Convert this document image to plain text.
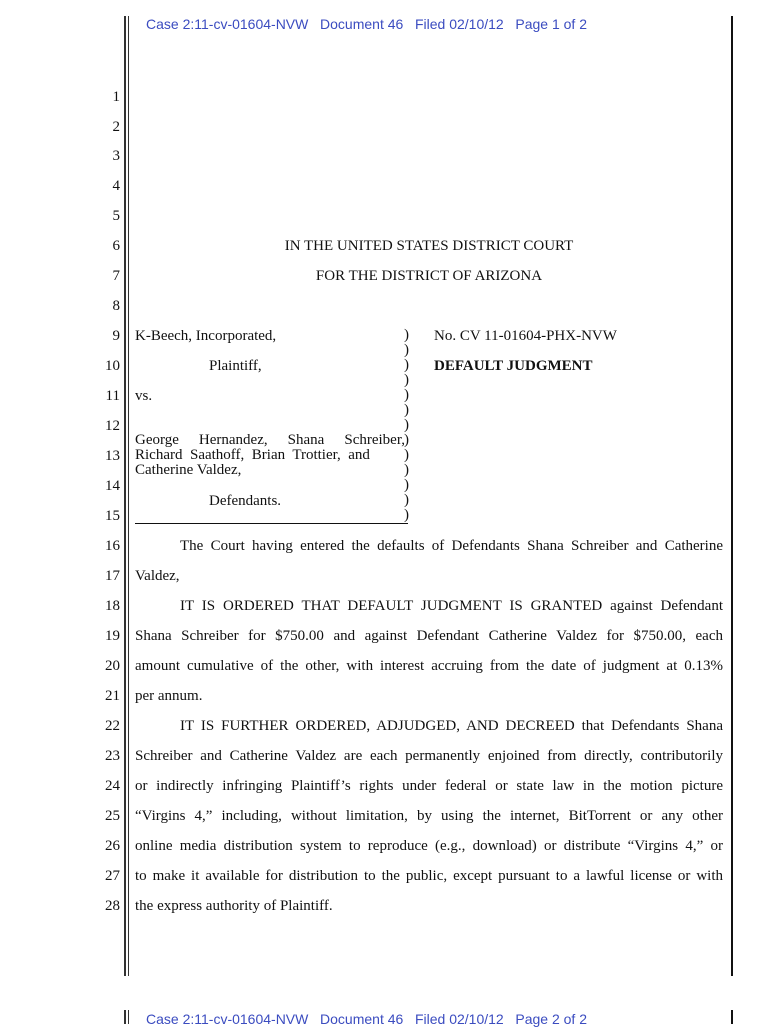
Case 2:11-cv-01604-NVW   Document 46   Filed 02/10/12   Page 1 of 2
1
2
3
4
5
6
7
8
9
10
11
12
13
14
15
16
17
18
19
20
21
22
23
24
25
26
27
28
IN THE UNITED STATES DISTRICT COURT
FOR THE DISTRICT OF ARIZONA
K-Beech, Incorporated,
Plaintiff,
vs.
George  Hernandez,  Shana  Schreiber,
Richard  Saathoff,  Brian  Trottier,  and
Catherine Valdez,
Defendants.
)
)
)
)
)
)
)
)
)
)
)
)
)
No. CV 11-01604-PHX-NVW
DEFAULT JUDGMENT
The Court having entered the defaults of Defendants Shana Schreiber and Catherine
Valdez,
IT IS ORDERED THAT DEFAULT JUDGMENT IS GRANTED against Defendant
Shana Schreiber for $750.00 and against Defendant Catherine Valdez for $750.00, each
amount cumulative of the other, with interest accruing from the date of judgment at 0.13%
per annum.
IT IS FURTHER ORDERED, ADJUDGED, AND DECREED that Defendants Shana
Schreiber and Catherine Valdez are each permanently enjoined from directly, contributorily
or indirectly infringing Plaintiff’s rights under federal or state law in the motion picture
“Virgins 4,” including, without limitation, by using the internet, BitTorrent or any other
online media distribution system to reproduce (e.g., download) or distribute “Virgins 4,” or
to make it available for distribution to the public, except pursuant to a lawful license or with
the express authority of Plaintiff.
Case 2:11-cv-01604-NVW   Document 46   Filed 02/10/12   Page 2 of 2
